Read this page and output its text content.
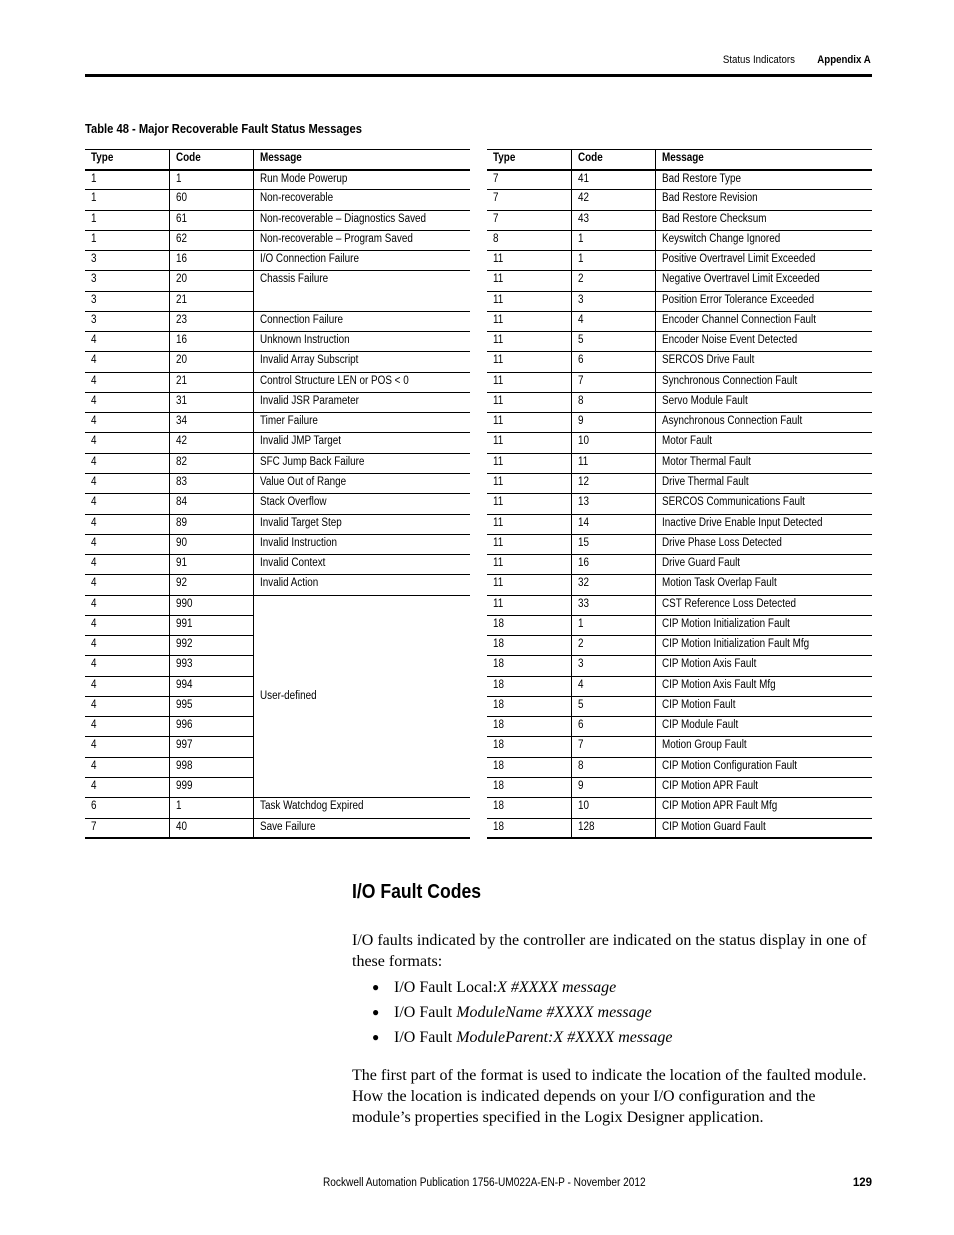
Status Indicators Appendix A
Table 48 - Major Recoverable Fault Status Messages
Type	Code	Message
1	1	Run Mode Powerup
1	60	Non-recoverable
1	61	Non-recoverable – Diagnostics Saved
1	62	Non-recoverable – Program Saved
3	16	I/O Connection Failure
3	20	Chassis Failure
3	21	
3	23	Connection Failure
4	16	Unknown Instruction
4	20	Invalid Array Subscript
4	21	Control Structure LEN or POS < 0
4	31	Invalid JSR Parameter
4	34	Timer Failure
4	42	Invalid JMP Target
4	82	SFC Jump Back Failure
4	83	Value Out of Range
4	84	Stack Overflow
4	89	Invalid Target Step
4	90	Invalid Instruction
4	91	Invalid Context
4	92	Invalid Action
4	990	User-defined
4	991	
4	992	
4	993	
4	994	
4	995	
4	996	
4	997	
4	998	
4	999	
6	1	Task Watchdog Expired
7	40	Save Failure
Type	Code	Message
7	41	Bad Restore Type
7	42	Bad Restore Revision
7	43	Bad Restore Checksum
8	1	Keyswitch Change Ignored
11	1	Positive Overtravel Limit Exceeded
11	2	Negative Overtravel Limit Exceeded
11	3	Position Error Tolerance Exceeded
11	4	Encoder Channel Connection Fault
11	5	Encoder Noise Event Detected
11	6	SERCOS Drive Fault
11	7	Synchronous Connection Fault
11	8	Servo Module Fault
11	9	Asynchronous Connection Fault
11	10	Motor Fault
11	11	Motor Thermal Fault
11	12	Drive Thermal Fault
11	13	SERCOS Communications Fault
11	14	Inactive Drive Enable Input Detected
11	15	Drive Phase Loss Detected
11	16	Drive Guard Fault
11	32	Motion Task Overlap Fault
11	33	CST Reference Loss Detected
18	1	CIP Motion Initialization Fault
18	2	CIP Motion Initialization Fault Mfg
18	3	CIP Motion Axis Fault
18	4	CIP Motion Axis Fault Mfg
18	5	CIP Motion Fault
18	6	CIP Module Fault
18	7	Motion Group Fault
18	8	CIP Motion Configuration Fault
18	9	CIP Motion APR Fault
18	10	CIP Motion APR Fault Mfg
18	128	CIP Motion Guard Fault
I/O Fault Codes

I/O faults indicated by the controller are indicated on the status display in one of these formats:

● I/O Fault Local:X #XXXX message
● I/O Fault ModuleName #XXXX message
● I/O Fault ModuleParent:X #XXXX message

The first part of the format is used to indicate the location of the faulted module. How the location is indicated depends on your I/O configuration and the module’s properties specified in the Logix Designer application.

Rockwell Automation Publication 1756-UM022A-EN-P - November 2012	129
